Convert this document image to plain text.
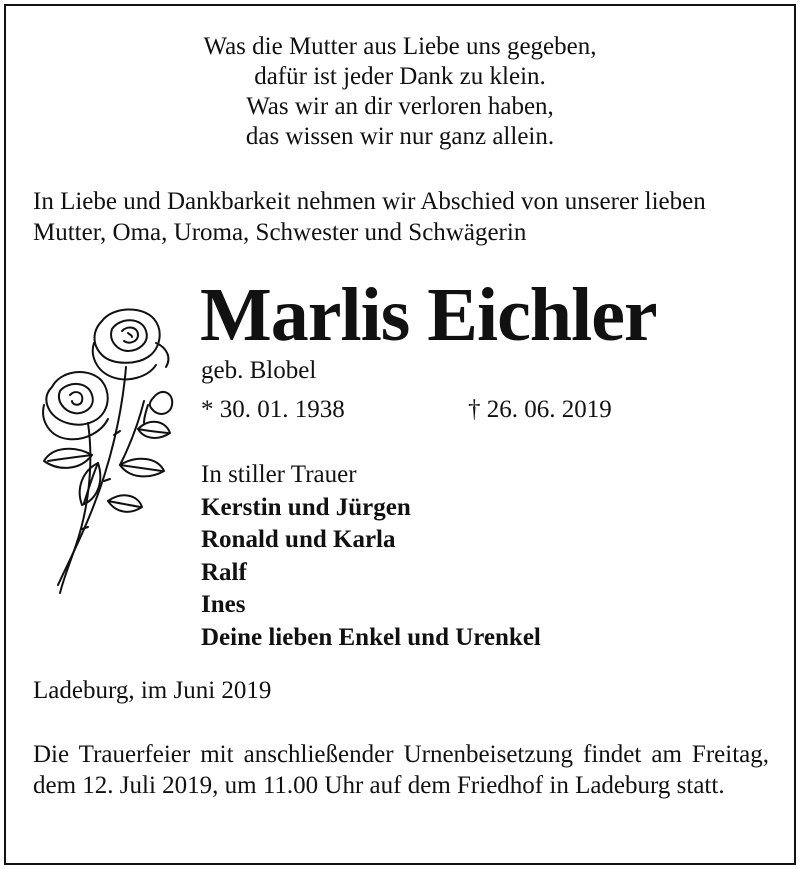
Was die Mutter aus Liebe uns gegeben,
dafür ist jeder Dank zu klein.
Was wir an dir verloren haben,
das wissen wir nur ganz allein.
In Liebe und Dankbarkeit nehmen wir Abschied von unserer lieben
Mutter, Oma, Uroma, Schwester und Schwägerin
Marlis Eichler
geb. Blobel
* 30. 01. 1938	† 26. 06. 2019
In stiller Trauer
Kerstin und Jürgen
Ronald und Karla
Ralf
Ines
Deine lieben Enkel und Urenkel
Ladeburg, im Juni 2019
Die Trauerfeier mit anschließender Urnenbeisetzung findet am Freitag, dem 12. Juli 2019, um 11.00 Uhr auf dem Friedhof in Ladeburg statt.
